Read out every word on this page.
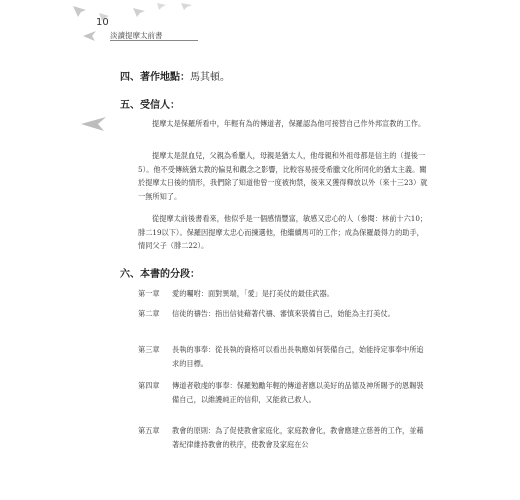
10
淡讀提摩太前書
四、著作地點：馬其頓。
五、受信人：

提摩太是保羅所看中，年輕有為的傳道者，保羅認為他可接替自己作外邦宣教的工作。

提摩太是混血兒，父親為希臘人，母親是猶太人，他母親和外祖母都是信主的（提後一5）。他不受傳統猶太教的偏見和觀念之影響，比較容易接受希臘文化所同化的猶太主義。關於提摩太日後的情形，我們除了知道他曾一度被拘禁，後來又獲得釋放以外（來十三23）就一無所知了。

從提摩太前後書看來，他似乎是一個感情豐富，敏感又忠心的人（參閱：林前十六10；腓二19以下）。保羅因提摩太忠心而揀選他，他繼續馬可的工作；成為保羅最得力的助手，情同父子（腓二22）。

六、本書的分段：
第一章 愛的囑咐：面對異端，「愛」是打美仗的最佳武器。
第二章 信徒的禱告：指出信徒藉著代禱、審慎來裝備自己，始能為主打美仗。
第三章 長執的事奉：從長執的資格可以看出長執應如何裝備自己，始能持定事奉中所追求的目標。
第四章 傳道者敬虔的事奉：保羅勉勵年輕的傳道者應以美好的品德及神所賜予的恩賜裝備自己，以維護純正的信仰，又能救己救人。
第五章 教會的原則：為了促使教會家庭化，家庭教會化，教會應建立慈善的工作，並藉著紀律維持教會的秩序，使教會及家庭在公
